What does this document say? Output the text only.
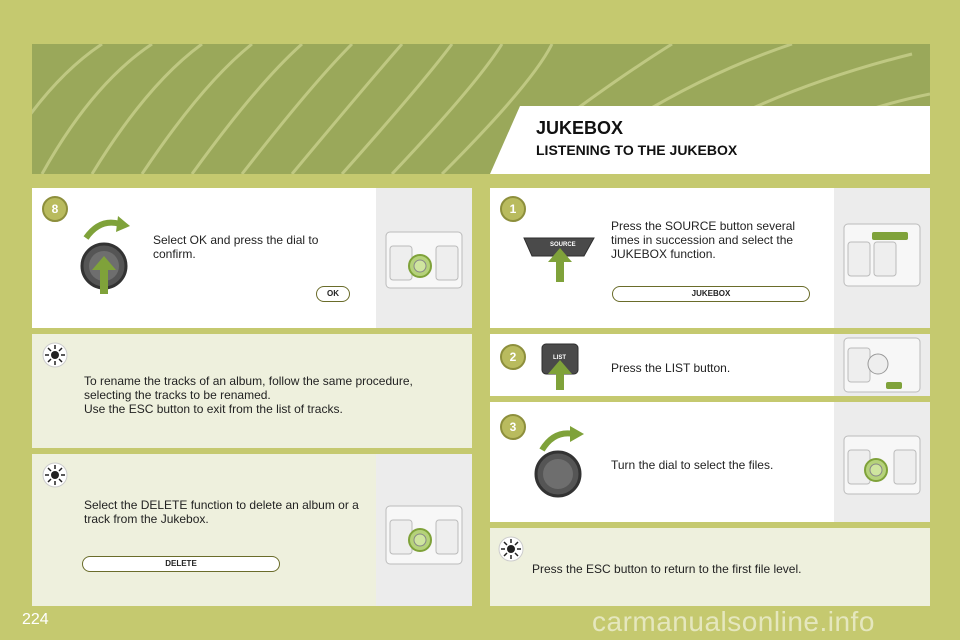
JUKEBOX
LISTENING TO THE JUKEBOX
8
Select OK and press the dial to confirm.
OK
To rename the tracks of an album, follow the same procedure, selecting the tracks to be renamed.
Use the ESC button to exit from the list of tracks.
Select the DELETE function to delete an album or a track from the Jukebox.
DELETE
1
SOURCE
Press the SOURCE button several times in succession and select the JUKEBOX function.
JUKEBOX
2	LIST
Press the LIST button.
3
Turn the dial to select the files.
Press the ESC button to return to the first file level.
224	carmanualsonline.info
